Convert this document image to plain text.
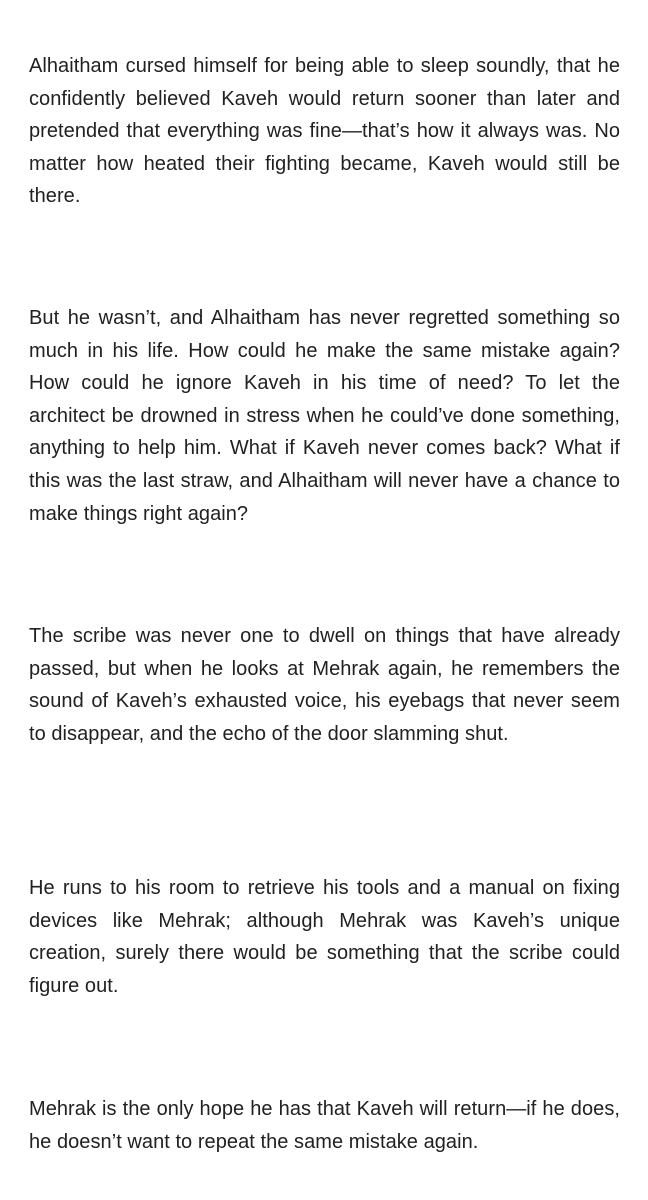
Alhaitham cursed himself for being able to sleep soundly, that he confidently believed Kaveh would return sooner than later and pretended that everything was fine—that’s how it always was. No matter how heated their fighting became, Kaveh would still be there.

But he wasn’t, and Alhaitham has never regretted something so much in his life. How could he make the same mistake again? How could he ignore Kaveh in his time of need? To let the architect be drowned in stress when he could’ve done something, anything to help him. What if Kaveh never comes back? What if this was the last straw, and Alhaitham will never have a chance to make things right again?

The scribe was never one to dwell on things that have already passed, but when he looks at Mehrak again, he remembers the sound of Kaveh’s exhausted voice, his eyebags that never seem to disappear, and the echo of the door slamming shut.

He runs to his room to retrieve his tools and a manual on fixing devices like Mehrak; although Mehrak was Kaveh’s unique creation, surely there would be something that the scribe could figure out.

Mehrak is the only hope he has that Kaveh will return—if he does, he doesn’t want to repeat the same mistake again.
